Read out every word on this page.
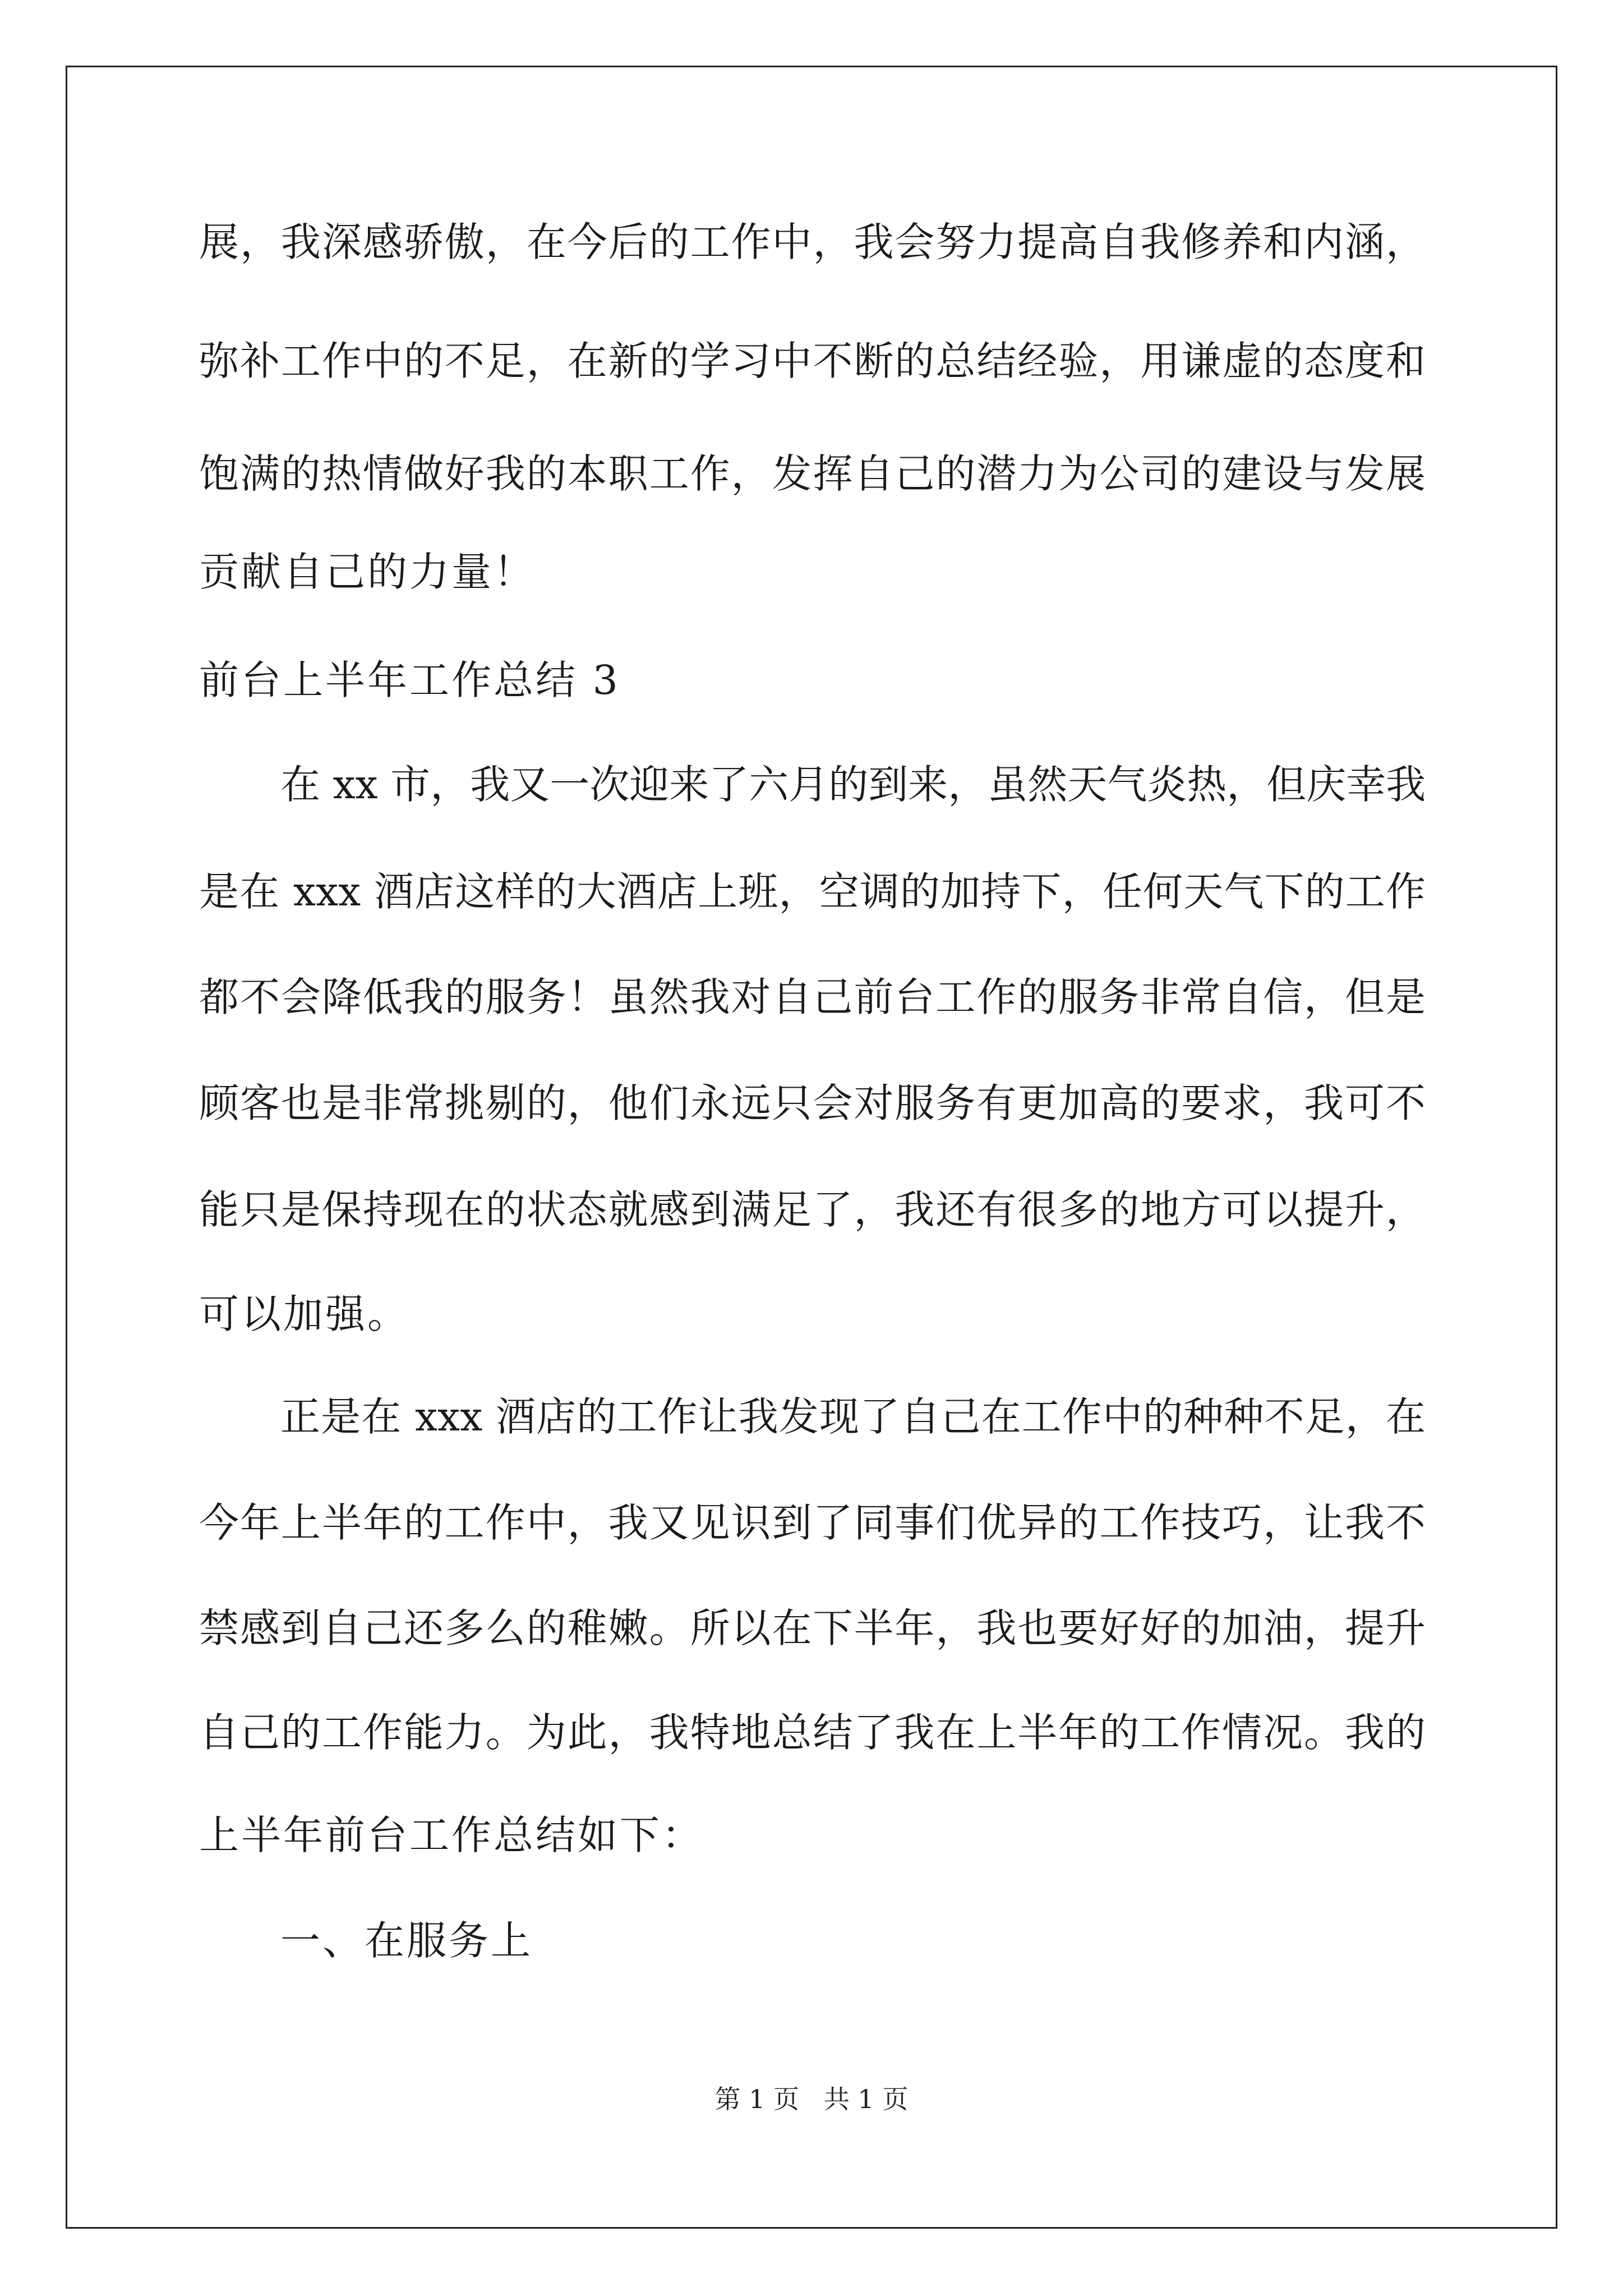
展，我深感骄傲，在今后的工作中，我会努力提高自我修养和内涵，
弥补工作中的不足，在新的学习中不断的总结经验，用谦虚的态度和
饱满的热情做好我的本职工作，发挥自己的潜力为公司的建设与发展
贡献自己的力量！
前台上半年工作总结 3
在 xx 市，我又一次迎来了六月的到来，虽然天气炎热，但庆幸我
是在 xxx 酒店这样的大酒店上班，空调的加持下，任何天气下的工作
都不会降低我的服务！虽然我对自己前台工作的服务非常自信，但是
顾客也是非常挑剔的，他们永远只会对服务有更加高的要求，我可不
能只是保持现在的状态就感到满足了，我还有很多的地方可以提升，
可以加强。
正是在 xxx 酒店的工作让我发现了自己在工作中的种种不足，在
今年上半年的工作中，我又见识到了同事们优异的工作技巧，让我不
禁感到自己还多么的稚嫩。所以在下半年，我也要好好的加油，提升
自己的工作能力。为此，我特地总结了我在上半年的工作情况。我的
上半年前台工作总结如下：
一、在服务上
第 1 页   共 1 页
